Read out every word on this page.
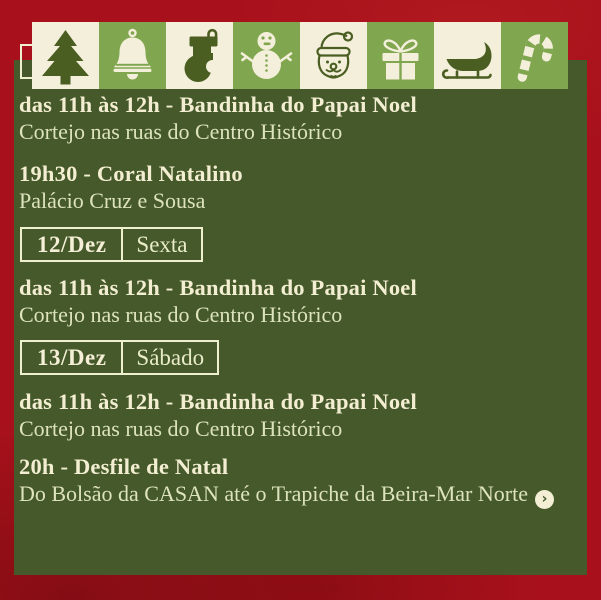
das 11h às 12h - Bandinha do Papai Noel
Cortejo nas ruas do Centro Histórico
19h30 - Coral Natalino
Palácio Cruz e Sousa
12/Dez	Sexta
das 11h às 12h - Bandinha do Papai Noel
Cortejo nas ruas do Centro Histórico
13/Dez	Sábado
das 11h às 12h - Bandinha do Papai Noel
Cortejo nas ruas do Centro Histórico
20h - Desfile de Natal
Do Bolsão da CASAN até o Trapiche da Beira-Mar Norte ›
